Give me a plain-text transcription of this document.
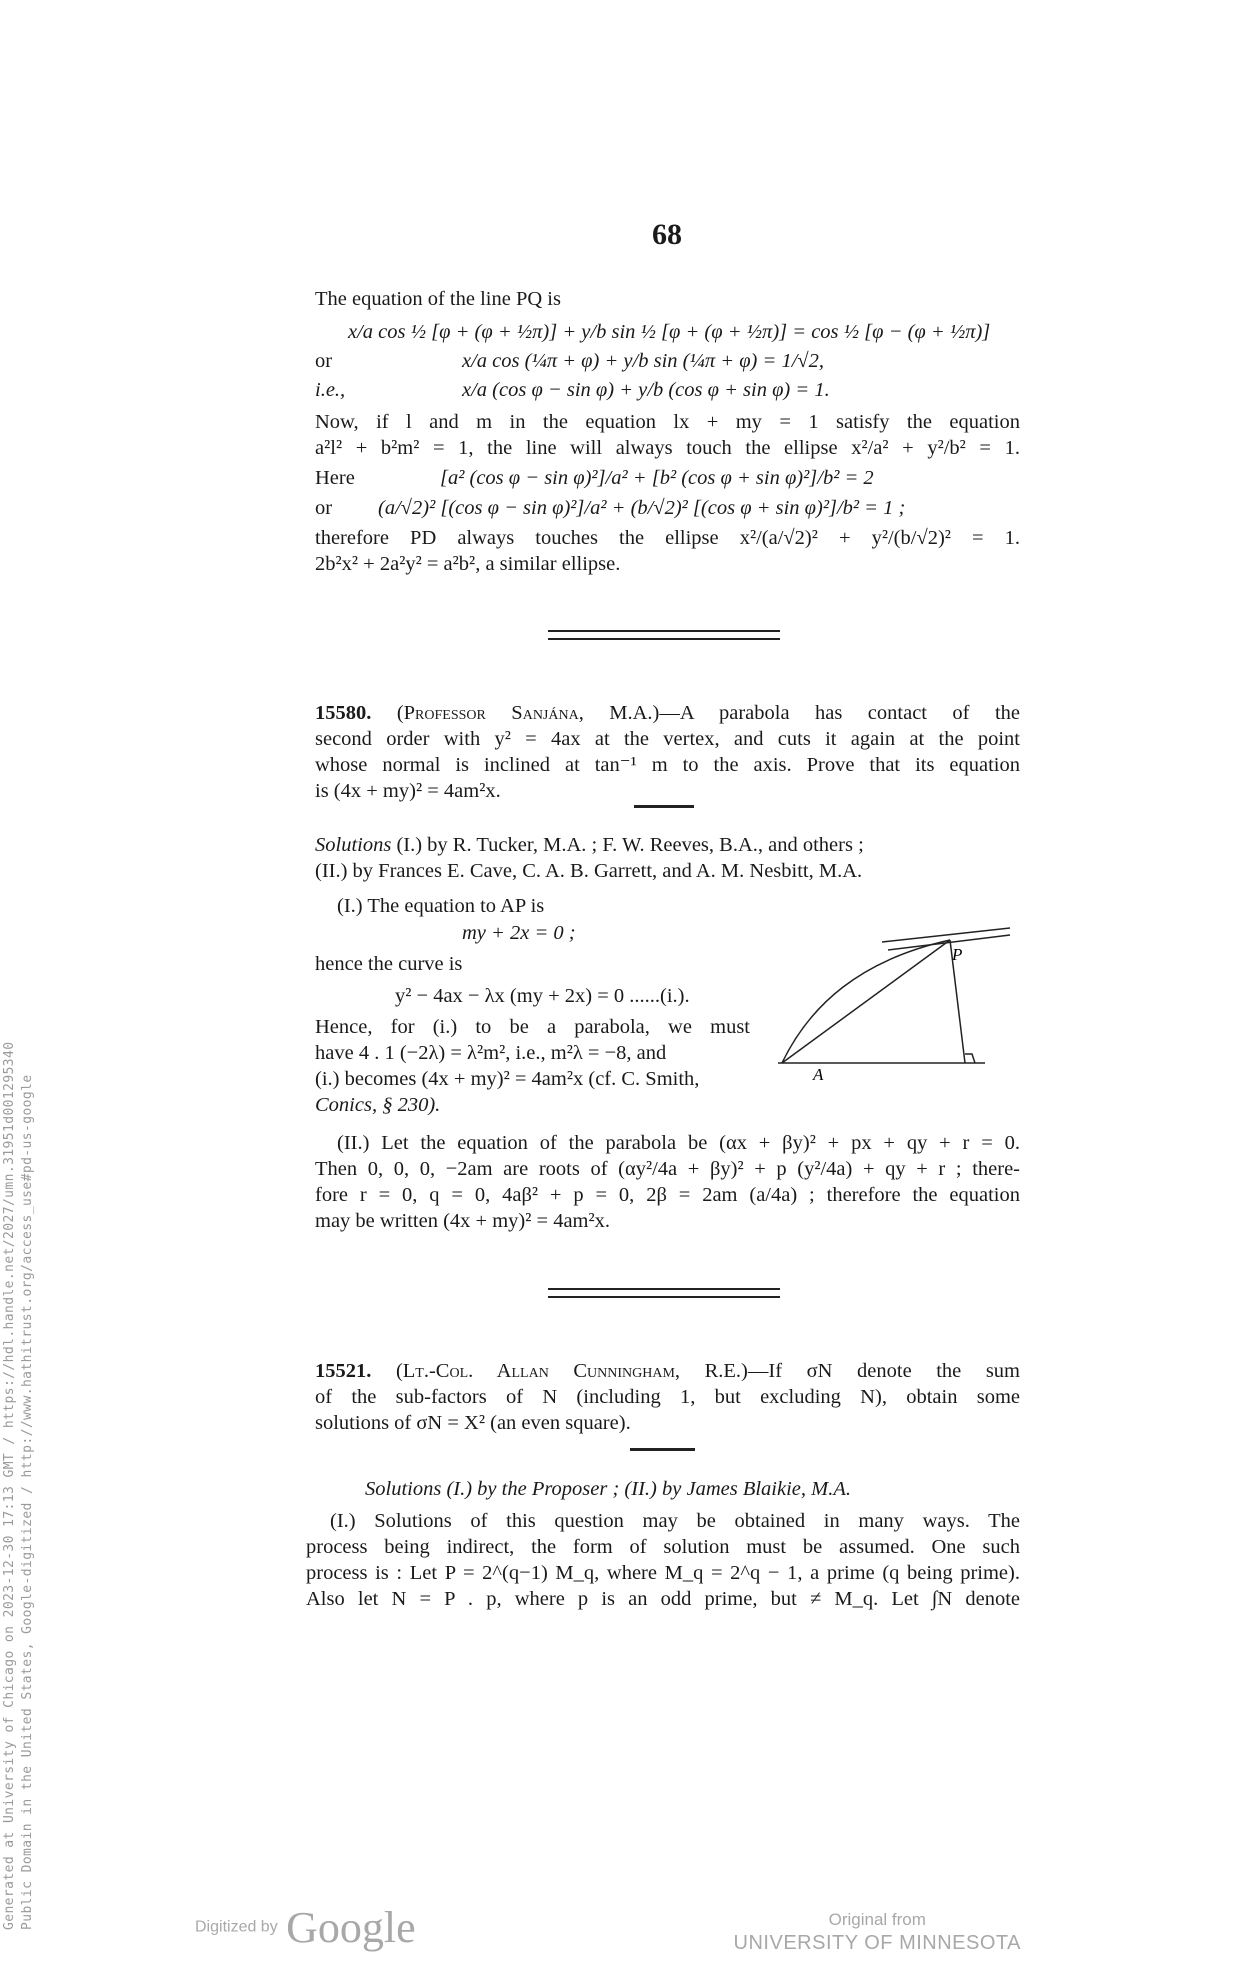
68
The equation of the line PQ is
x/a cos ½ [φ + (φ + ½π)] + y/b sin ½ [φ + (φ + ½π)] = cos ½ [φ − (φ + ½π)]
or	x/a cos (¼π + φ) + y/b sin (¼π + φ) = 1/√2,
i.e.,	x/a (cos φ − sin φ) + y/b (cos φ + sin φ) = 1.
Now, if l and m in the equation lx + my = 1 satisfy the equation
a²l² + b²m² = 1, the line will always touch the ellipse x²/a² + y²/b² = 1.
Here	[a² (cos φ − sin φ)²]/a² + [b² (cos φ + sin φ)²]/b² = 2
or (a/√2)² [(cos φ − sin φ)²]/a² + (b/√2)² [(cos φ + sin φ)²]/b² = 1 ;
therefore PD always touches the ellipse x²/(a/√2)² + y²/(b/√2)² = 1.
2b²x² + 2a²y² = a²b², a similar ellipse.
15580. (Professor Sanjána, M.A.)—A parabola has contact of the
second order with y² = 4ax at the vertex, and cuts it again at the point
whose normal is inclined at tan⁻¹ m to the axis. Prove that its equation
is (4x + my)² = 4am²x.
Solutions (I.) by R. Tucker, M.A. ; F. W. Reeves, B.A., and others ;
(II.) by Frances E. Cave, C. A. B. Garrett, and A. M. Nesbitt, M.A.
(I.) The equation to AP is
my + 2x = 0 ;
hence the curve is
y² − 4ax − λx (my + 2x) = 0 ......(i.).
Hence, for (i.) to be a parabola, we must
have 4 . 1 (−2λ) = λ²m², i.e., m²λ = −8, and
(i.) becomes (4x + my)² = 4am²x (cf. C. Smith,
Conics, § 230).
P
A
(II.) Let the equation of the parabola be (αx + βy)² + px + qy + r = 0.
Then 0, 0, 0, −2am are roots of (αy²/4a + βy)² + p (y²/4a) + qy + r ; there-
fore r = 0, q = 0, 4aβ² + p = 0, 2β = 2am (a/4a) ; therefore the equation
may be written (4x + my)² = 4am²x.
15521. (Lt.-Col. Allan Cunningham, R.E.)—If σN denote the sum
of the sub-factors of N (including 1, but excluding N), obtain some
solutions of σN = X² (an even square).
Solutions (I.) by the Proposer ; (II.) by James Blaikie, M.A.
(I.) Solutions of this question may be obtained in many ways. The
process being indirect, the form of solution must be assumed. One such
process is : Let P = 2^(q−1) M_q, where M_q = 2^q − 1, a prime (q being prime).
Also let N = P . p, where p is an odd prime, but ≠ M_q. Let ∫N denote
Generated at University of Chicago on 2023-12-30 17:13 GMT / https://hdl.handle.net/2027/umn.31951d001295340 Public Domain in the United States, Google-digitized / http://www.hathitrust.org/access_use#pd-us-google	Digitized by Google	Original from
UNIVERSITY OF MINNESOTA
